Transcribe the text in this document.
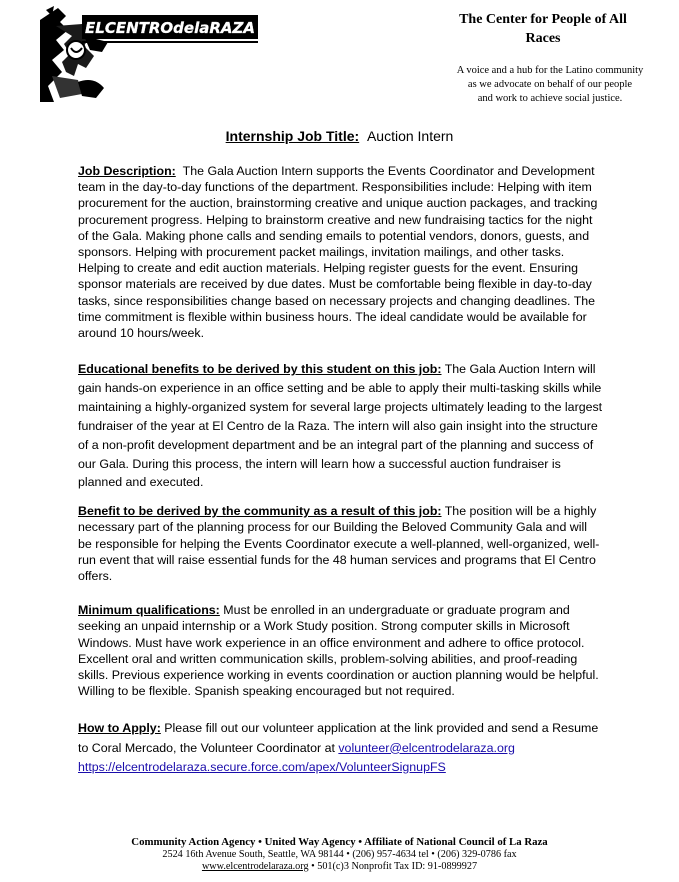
ELCENTROdelaRAZA	The Center for People of All Races
A voice and a hub for the Latino community
as we advocate on behalf of our people
and work to achieve social justice.
Internship Job Title: Auction Intern
Job Description: The Gala Auction Intern supports the Events Coordinator and Development team in the day-to-day functions of the department. Responsibilities include: Helping with item procurement for the auction, brainstorming creative and unique auction packages, and tracking procurement progress. Helping to brainstorm creative and new fundraising tactics for the night of the Gala. Making phone calls and sending emails to potential vendors, donors, guests, and sponsors. Helping with procurement packet mailings, invitation mailings, and other tasks. Helping to create and edit auction materials. Helping register guests for the event. Ensuring sponsor materials are received by due dates. Must be comfortable being flexible in day-to-day tasks, since responsibilities change based on necessary projects and changing deadlines. The time commitment is flexible within business hours. The ideal candidate would be available for around 10 hours/week.
Educational benefits to be derived by this student on this job: The Gala Auction Intern will gain hands-on experience in an office setting and be able to apply their multi-tasking skills while maintaining a highly-organized system for several large projects ultimately leading to the largest fundraiser of the year at El Centro de la Raza. The intern will also gain insight into the structure of a non-profit development department and be an integral part of the planning and success of our Gala. During this process, the intern will learn how a successful auction fundraiser is planned and executed.
Benefit to be derived by the community as a result of this job: The position will be a highly necessary part of the planning process for our Building the Beloved Community Gala and will be responsible for helping the Events Coordinator execute a well-planned, well-organized, well-run event that will raise essential funds for the 48 human services and programs that El Centro offers.
Minimum qualifications: Must be enrolled in an undergraduate or graduate program and seeking an unpaid internship or a Work Study position. Strong computer skills in Microsoft Windows. Must have work experience in an office environment and adhere to office protocol. Excellent oral and written communication skills, problem-solving abilities, and proof-reading skills. Previous experience working in events coordination or auction planning would be helpful. Willing to be flexible. Spanish speaking encouraged but not required.
How to Apply: Please fill out our volunteer application at the link provided and send a Resume to Coral Mercado, the Volunteer Coordinator at volunteer@elcentrodelaraza.org
https://elcentrodelaraza.secure.force.com/apex/VolunteerSignupFS
Community Action Agency • United Way Agency • Affiliate of National Council of La Raza
2524 16th Avenue South, Seattle, WA 98144 • (206) 957-4634 tel • (206) 329-0786 fax
www.elcentrodelaraza.org • 501(c)3 Nonprofit Tax ID: 91-0899927
